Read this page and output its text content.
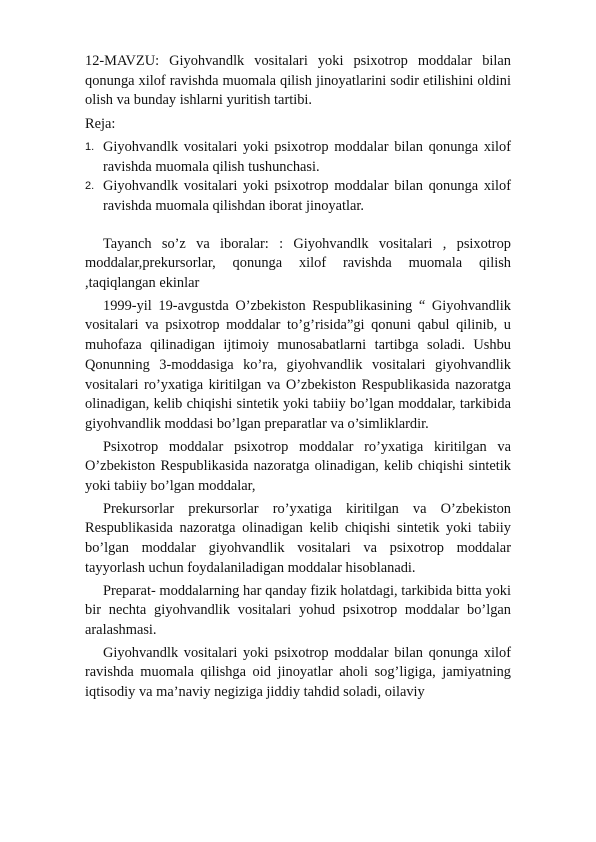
12-MAVZU: Giyohvandlk vositalari yoki psixotrop moddalar bilan qonunga xilof ravishda muomala qilish jinoyatlarini sodir etilishini oldini olish va bunday ishlarni yuritish tartibi.

Reja:

1. Giyohvandlk vositalari yoki psixotrop moddalar bilan qonunga xilof ravishda muomala qilish tushunchasi.
2. Giyohvandlk vositalari yoki psixotrop moddalar bilan qonunga xilof ravishda muomala qilishdan iborat jinoyatlar.

Tayanch so’z va iboralar: : Giyohvandlk vositalari , psixotrop moddalar,prekursorlar, qonunga xilof ravishda muomala qilish ,taqiqlangan ekinlar

1999-yil 19-avgustda O’zbekiston Respublikasining “ Giyohvandlik vositalari va psixotrop moddalar to’g’risida”gi qonuni qabul qilinib, u muhofaza qilinadigan ijtimoiy munosabatlarni tartibga soladi. Ushbu Qonunning 3-moddasiga ko’ra, giyohvandlik vositalari giyohvandlik vositalari ro’yxatiga kiritilgan va O’zbekiston Respublikasida nazoratga olinadigan, kelib chiqishi sintetik yoki tabiiy bo’lgan moddalar, tarkibida giyohvandlik moddasi bo’lgan preparatlar va o’simliklardir.

Psixotrop moddalar psixotrop moddalar ro’yxatiga kiritilgan va O’zbekiston Respublikasida nazoratga olinadigan, kelib chiqishi sintetik yoki tabiiy bo’lgan moddalar,

Prekursorlar prekursorlar ro’yxatiga kiritilgan va O’zbekiston Respublikasida nazoratga olinadigan kelib chiqishi sintetik yoki tabiiy bo’lgan moddalar giyohvandlik vositalari va psixotrop moddalar tayyorlash uchun foydalaniladigan moddalar hisoblanadi.

Preparat- moddalarning har qanday fizik holatdagi, tarkibida bitta yoki bir nechta giyohvandlik vositalari yohud psixotrop moddalar bo’lgan aralashmasi.

Giyohvandlk vositalari yoki psixotrop moddalar bilan qonunga xilof ravishda muomala qilishga oid jinoyatlar aholi sog’ligiga, jamiyatning iqtisodiy va ma’naviy negiziga jiddiy tahdid soladi, oilaviy
